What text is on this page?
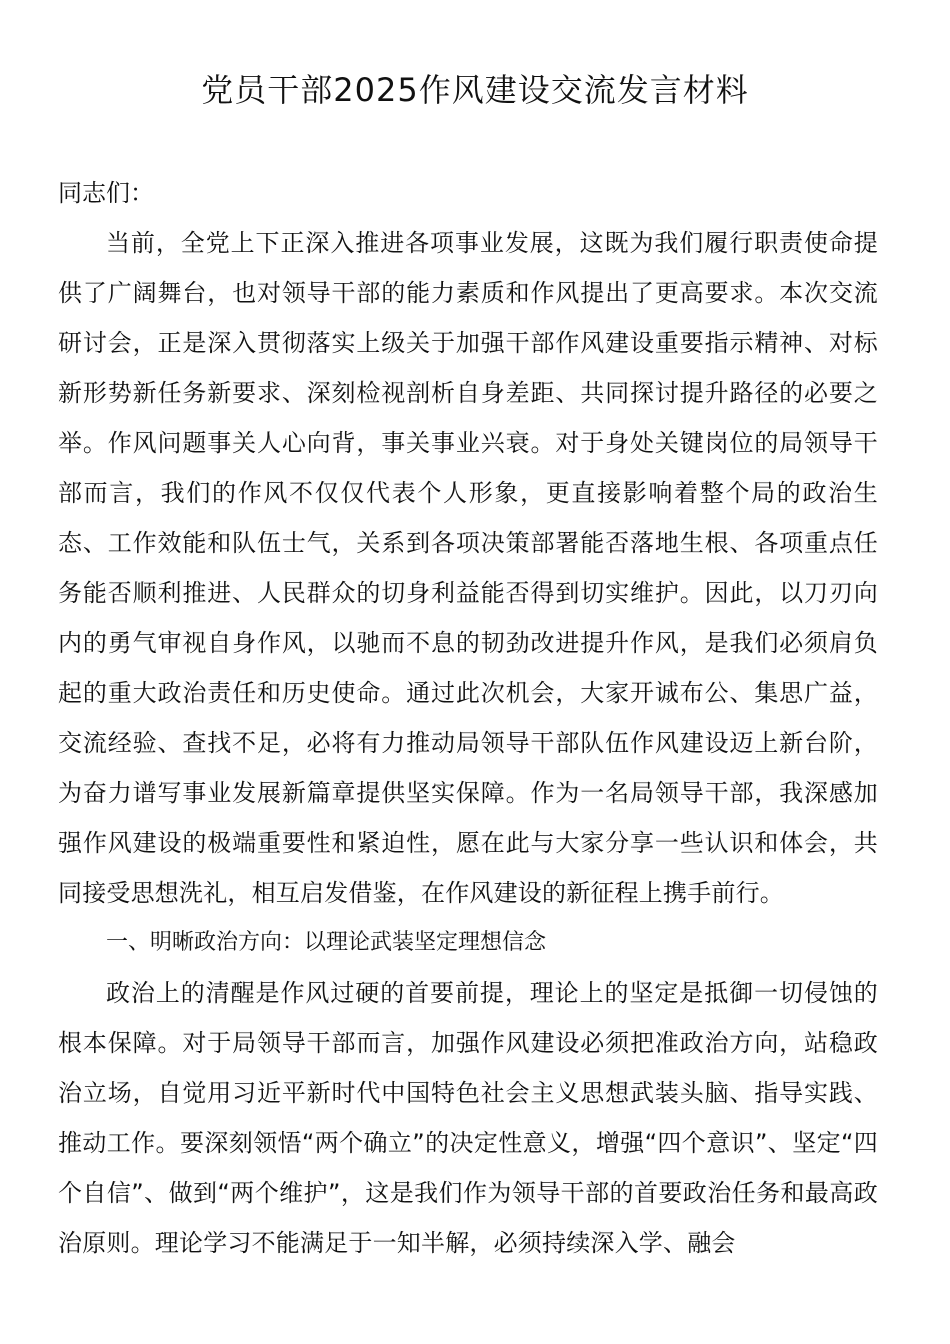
党员干部2025作风建设交流发言材料

同志们：

当前，全党上下正深入推进各项事业发展，这既为我们履行职责使命提供了广阔舞台，也对领导干部的能力素质和作风提出了更高要求。本次交流研讨会，正是深入贯彻落实上级关于加强干部作风建设重要指示精神、对标新形势新任务新要求、深刻检视剖析自身差距、共同探讨提升路径的必要之举。作风问题事关人心向背，事关事业兴衰。对于身处关键岗位的局领导干部而言，我们的作风不仅仅代表个人形象，更直接影响着整个局的政治生态、工作效能和队伍士气，关系到各项决策部署能否落地生根、各项重点任务能否顺利推进、人民群众的切身利益能否得到切实维护。因此，以刀刃向内的勇气审视自身作风，以驰而不息的韧劲改进提升作风，是我们必须肩负起的重大政治责任和历史使命。通过此次机会，大家开诚布公、集思广益，交流经验、查找不足，必将有力推动局领导干部队伍作风建设迈上新台阶，为奋力谱写事业发展新篇章提供坚实保障。作为一名局领导干部，我深感加强作风建设的极端重要性和紧迫性，愿在此与大家分享一些认识和体会，共同接受思想洗礼，相互启发借鉴，在作风建设的新征程上携手前行。

一、明晰政治方向：以理论武装坚定理想信念

政治上的清醒是作风过硬的首要前提，理论上的坚定是抵御一切侵蚀的根本保障。对于局领导干部而言，加强作风建设必须把准政治方向，站稳政治立场，自觉用习近平新时代中国特色社会主义思想武装头脑、指导实践、推动工作。要深刻领悟“两个确立”的决定性意义，增强“四个意识”、坚定“四个自信”、做到“两个维护”，这是我们作为领导干部的首要政治任务和最高政治原则。理论学习不能满足于一知半解，必须持续深入学、融会
